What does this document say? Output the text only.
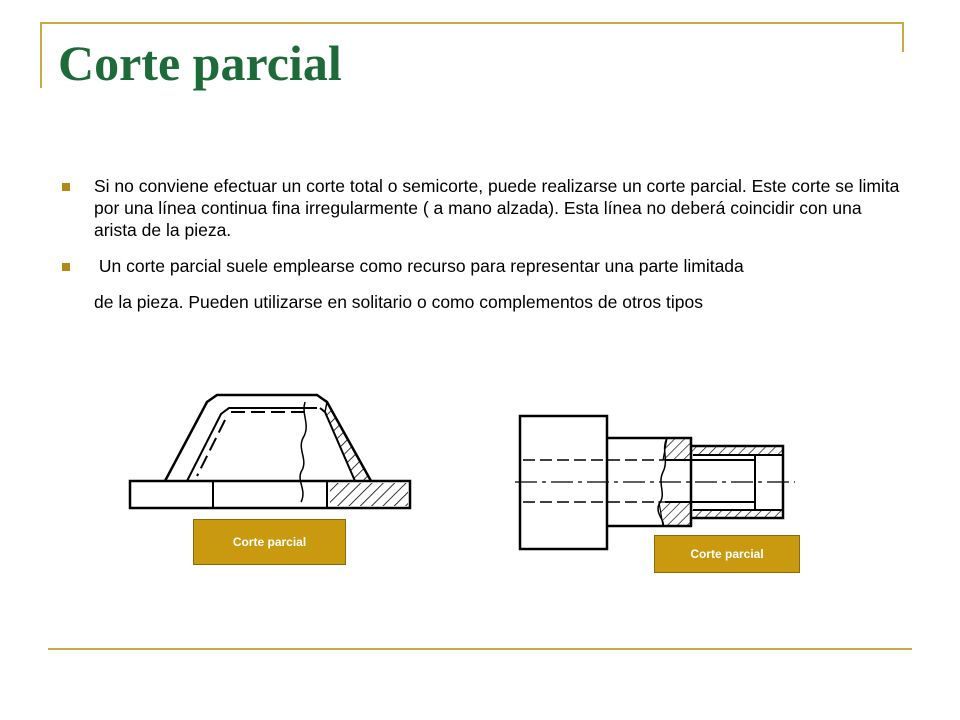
Corte parcial
Si no conviene efectuar un corte total o semicorte, puede realizarse un corte parcial. Este corte se limita por una línea continua fina irregularmente ( a mano alzada). Esta línea no deberá coincidir con una arista de la pieza.
Un corte parcial suele emplearse como recurso para representar una parte limitada
de la pieza. Pueden utilizarse en solitario o como complementos de otros tipos
Corte parcial
Corte parcial
